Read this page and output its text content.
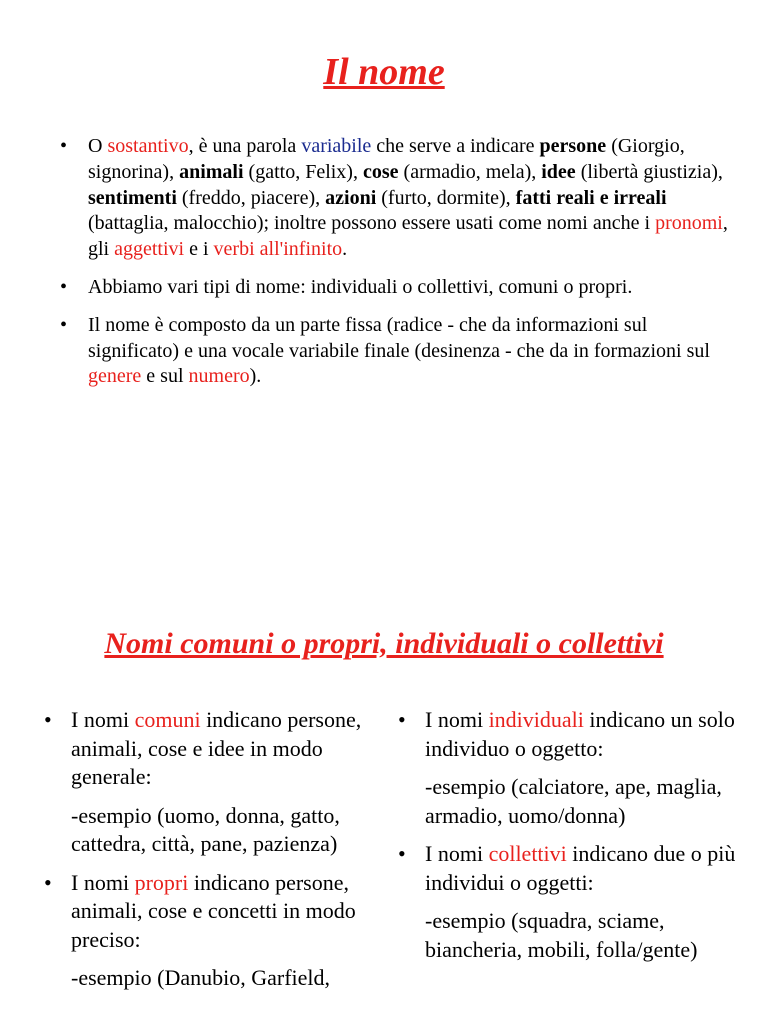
Il nome
• O sostantivo, è una parola variabile che serve a indicare persone (Giorgio, signorina), animali (gatto, Felix), cose (armadio, mela), idee (libertà giustizia), sentimenti (freddo, piacere), azioni (furto, dormite), fatti reali e irreali (battaglia, malocchio); inoltre possono essere usati come nomi anche i pronomi, gli aggettivi e i verbi all'infinito.
• Abbiamo vari tipi di nome: individuali o collettivi, comuni o propri.
• Il nome è composto da un parte fissa (radice - che da informazioni sul significato) e una vocale variabile finale (desinenza - che da in formazioni sul genere e sul numero).
Nomi comuni o propri, individuali o collettivi
• I nomi comuni indicano persone, animali, cose e idee in modo generale:

-esempio (uomo, donna, gatto, cattedra, città, pane, pazienza)

• I nomi propri indicano persone, animali, cose e concetti in modo preciso:

-esempio (Danubio, Garfield,

• I nomi individuali indicano un solo individuo o oggetto:

-esempio (calciatore, ape, maglia, armadio, uomo/donna)

• I nomi collettivi indicano due o più individui o oggetti:

-esempio (squadra, sciame, biancheria, mobili, folla/gente)
